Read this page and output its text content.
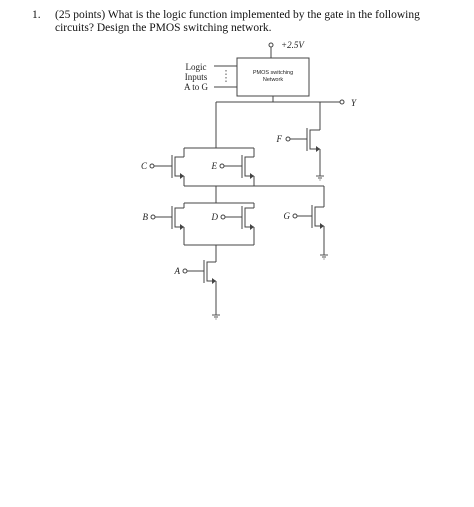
1. (25 points) What is the logic function implemented by the gate in the following
circuits? Design the PMOS switching network.
+2.5V
PMOS switching
Network
Logic
Inputs
A to G
Y
F
C	E
B	D	G
A
